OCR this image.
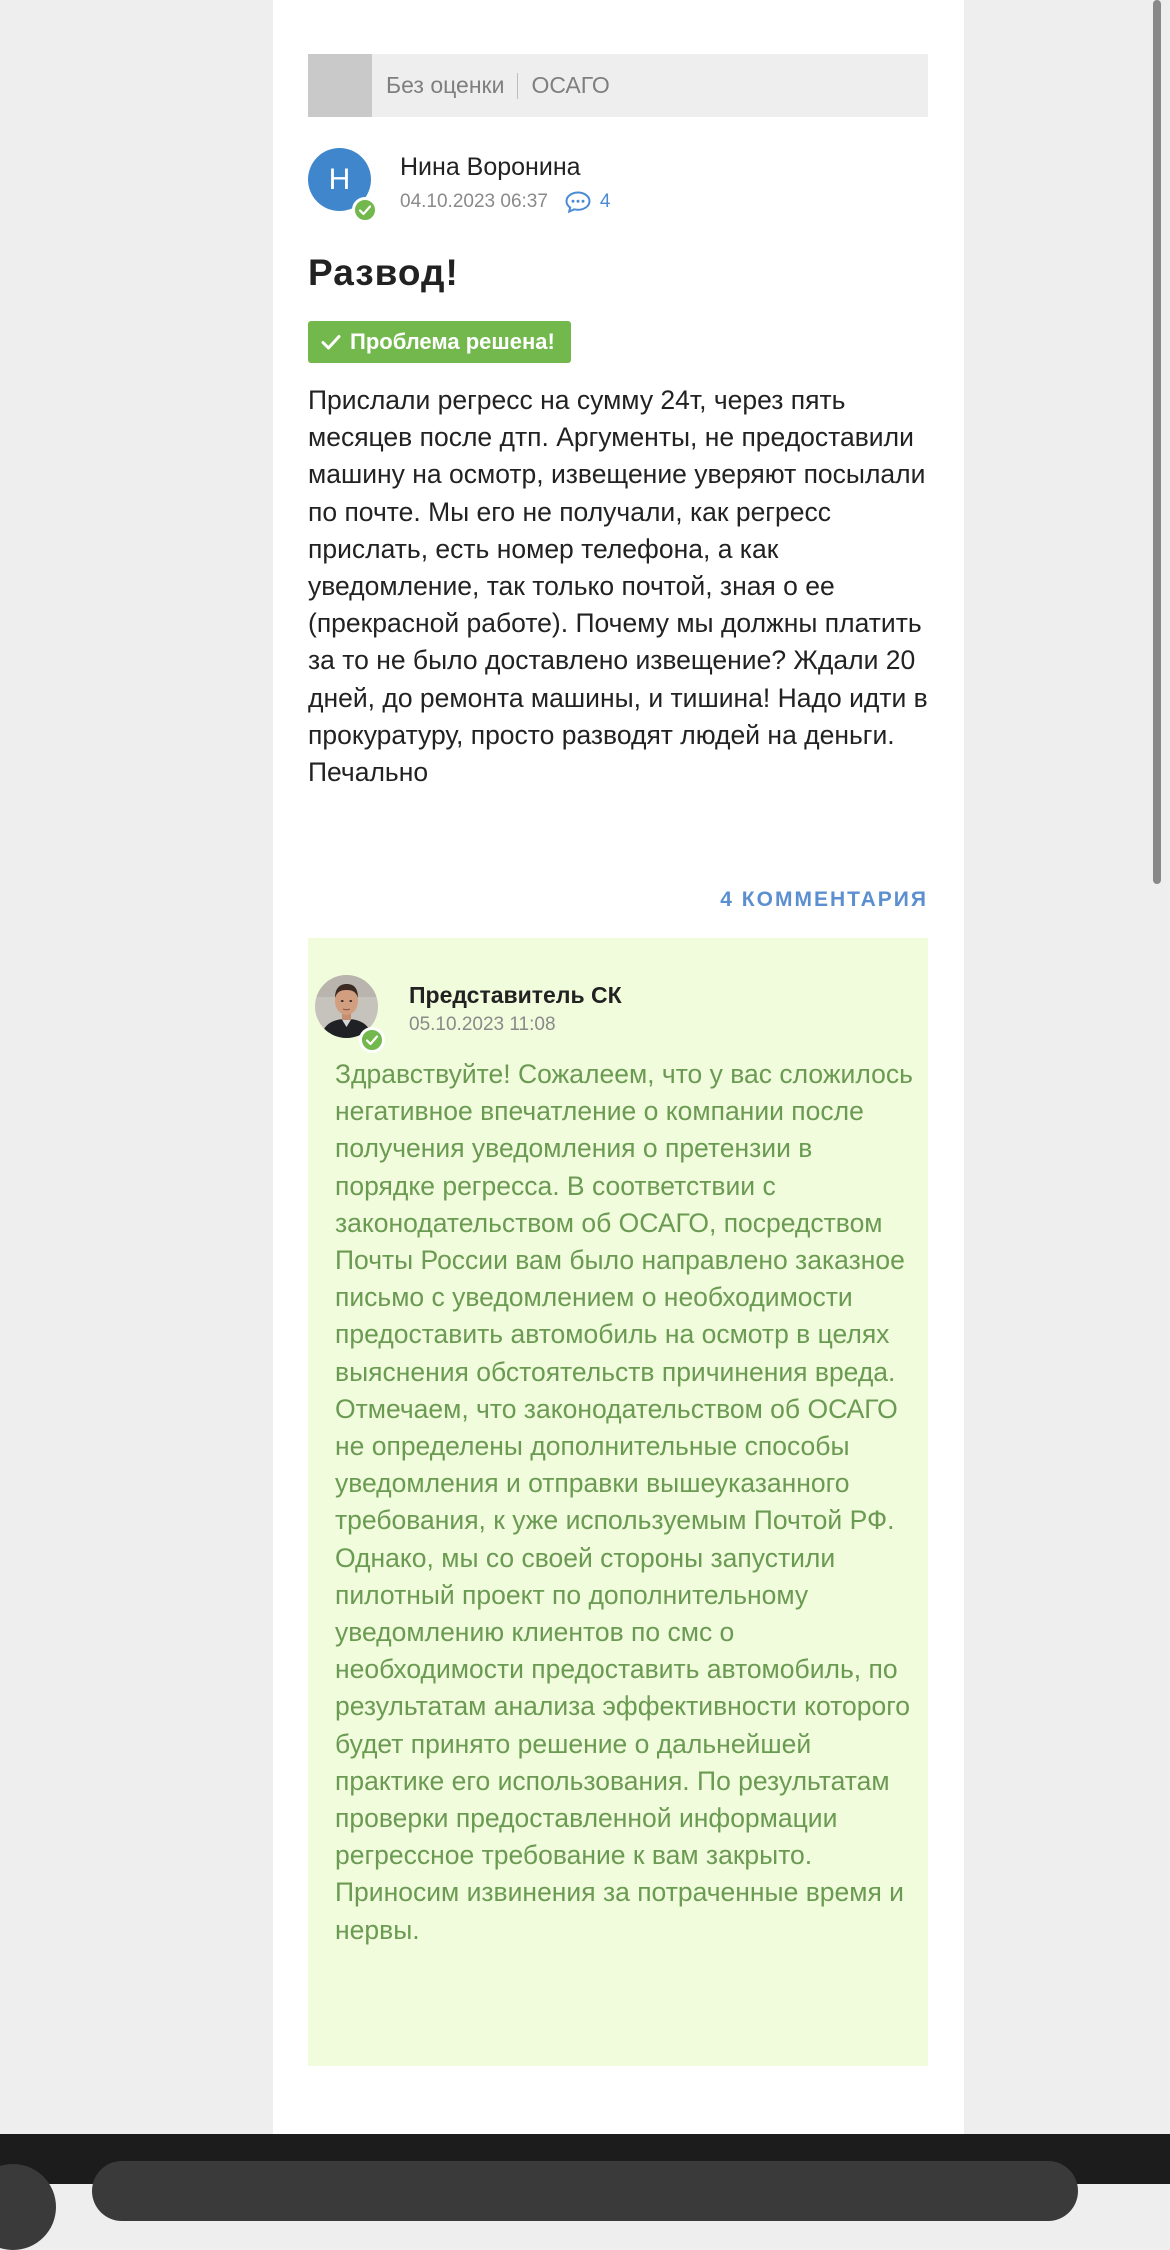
Без оценки ОСАГО
Н	Нина Воронина
04.10.2023 06:37	4
Развод!
Проблема решена!

Прислали регресс на сумму 24т, через пять месяцев после дтп. Аргументы, не предоставили машину на осмотр, извещение уверяют посылали по почте. Мы его не получали, как регресс прислать, есть номер телефона, а как уведомление, так только почтой, зная о ее (прекрасной работе). Почему мы должны платить за то не было доставлено извещение? Ждали 20 дней, до ремонта машины, и тишина! Надо идти в прокуратуру, просто разводят людей на деньги. Печально

4 КОММЕНТАРИЯ
Представитель СК
05.10.2023 11:08

Здравствуйте! Сожалеем, что у вас сложилось негативное впечатление о компании после получения уведомления о претензии в порядке регресса. В соответствии с законодательством об ОСАГО, посредством Почты России вам было направлено заказное письмо с уведомлением о необходимости предоставить автомобиль на осмотр в целях выяснения обстоятельств причинения вреда. Отмечаем, что законодательством об ОСАГО не определены дополнительные способы уведомления и отправки вышеуказанного требования, к уже используемым Почтой РФ. Однако, мы со своей стороны запустили пилотный проект по дополнительному уведомлению клиентов по смс о необходимости предоставить автомобиль, по результатам анализа эффективности которого будет принято решение о дальнейшей практике его использования. По результатам проверки предоставленной информации регрессное требование к вам закрыто. Приносим извинения за потраченные время и нервы.
